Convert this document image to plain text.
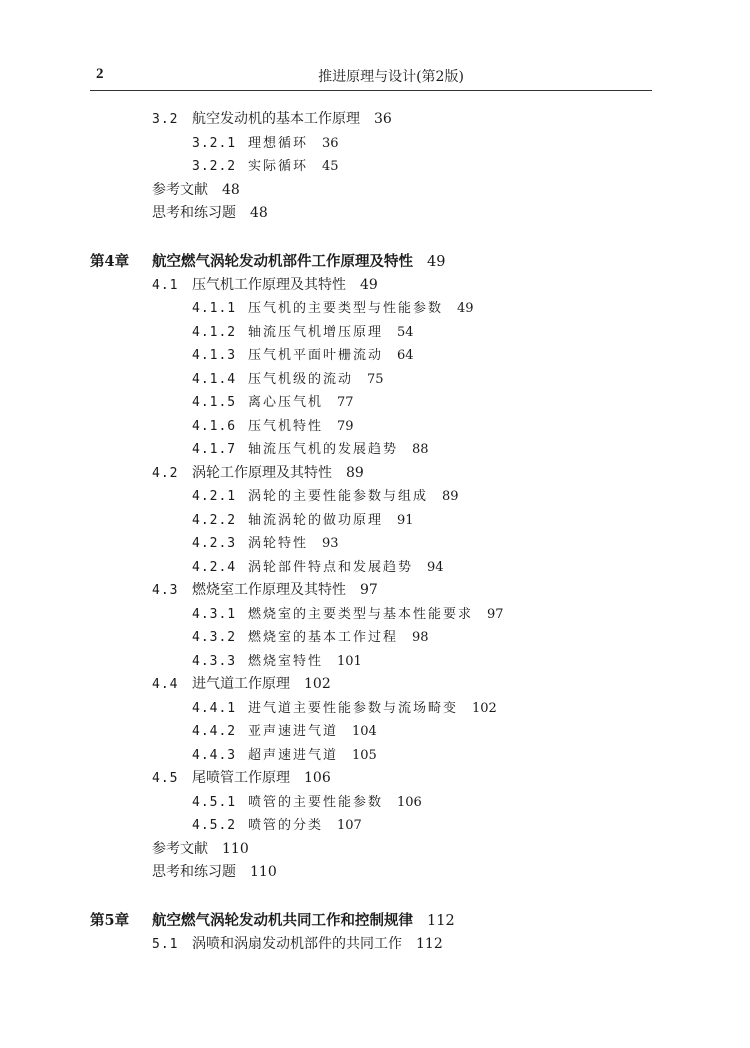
2	推进原理与设计(第2版)
3.2 航空发动机的基本工作原理 36
3.2.1 理想循环 36
3.2.2 实际循环 45
参考文献 48
思考和练习题 48
第4章 航空燃气涡轮发动机部件工作原理及特性 49
4.1 压气机工作原理及其特性 49
4.1.1 压气机的主要类型与性能参数 49
4.1.2 轴流压气机增压原理 54
4.1.3 压气机平面叶栅流动 64
4.1.4 压气机级的流动 75
4.1.5 离心压气机 77
4.1.6 压气机特性 79
4.1.7 轴流压气机的发展趋势 88
4.2 涡轮工作原理及其特性 89
4.2.1 涡轮的主要性能参数与组成 89
4.2.2 轴流涡轮的做功原理 91
4.2.3 涡轮特性 93
4.2.4 涡轮部件特点和发展趋势 94
4.3 燃烧室工作原理及其特性 97
4.3.1 燃烧室的主要类型与基本性能要求 97
4.3.2 燃烧室的基本工作过程 98
4.3.3 燃烧室特性 101
4.4 进气道工作原理 102
4.4.1 进气道主要性能参数与流场畸变 102
4.4.2 亚声速进气道 104
4.4.3 超声速进气道 105
4.5 尾喷管工作原理 106
4.5.1 喷管的主要性能参数 106
4.5.2 喷管的分类 107
参考文献 110
思考和练习题 110
第5章 航空燃气涡轮发动机共同工作和控制规律 112
5.1 涡喷和涡扇发动机部件的共同工作 112
